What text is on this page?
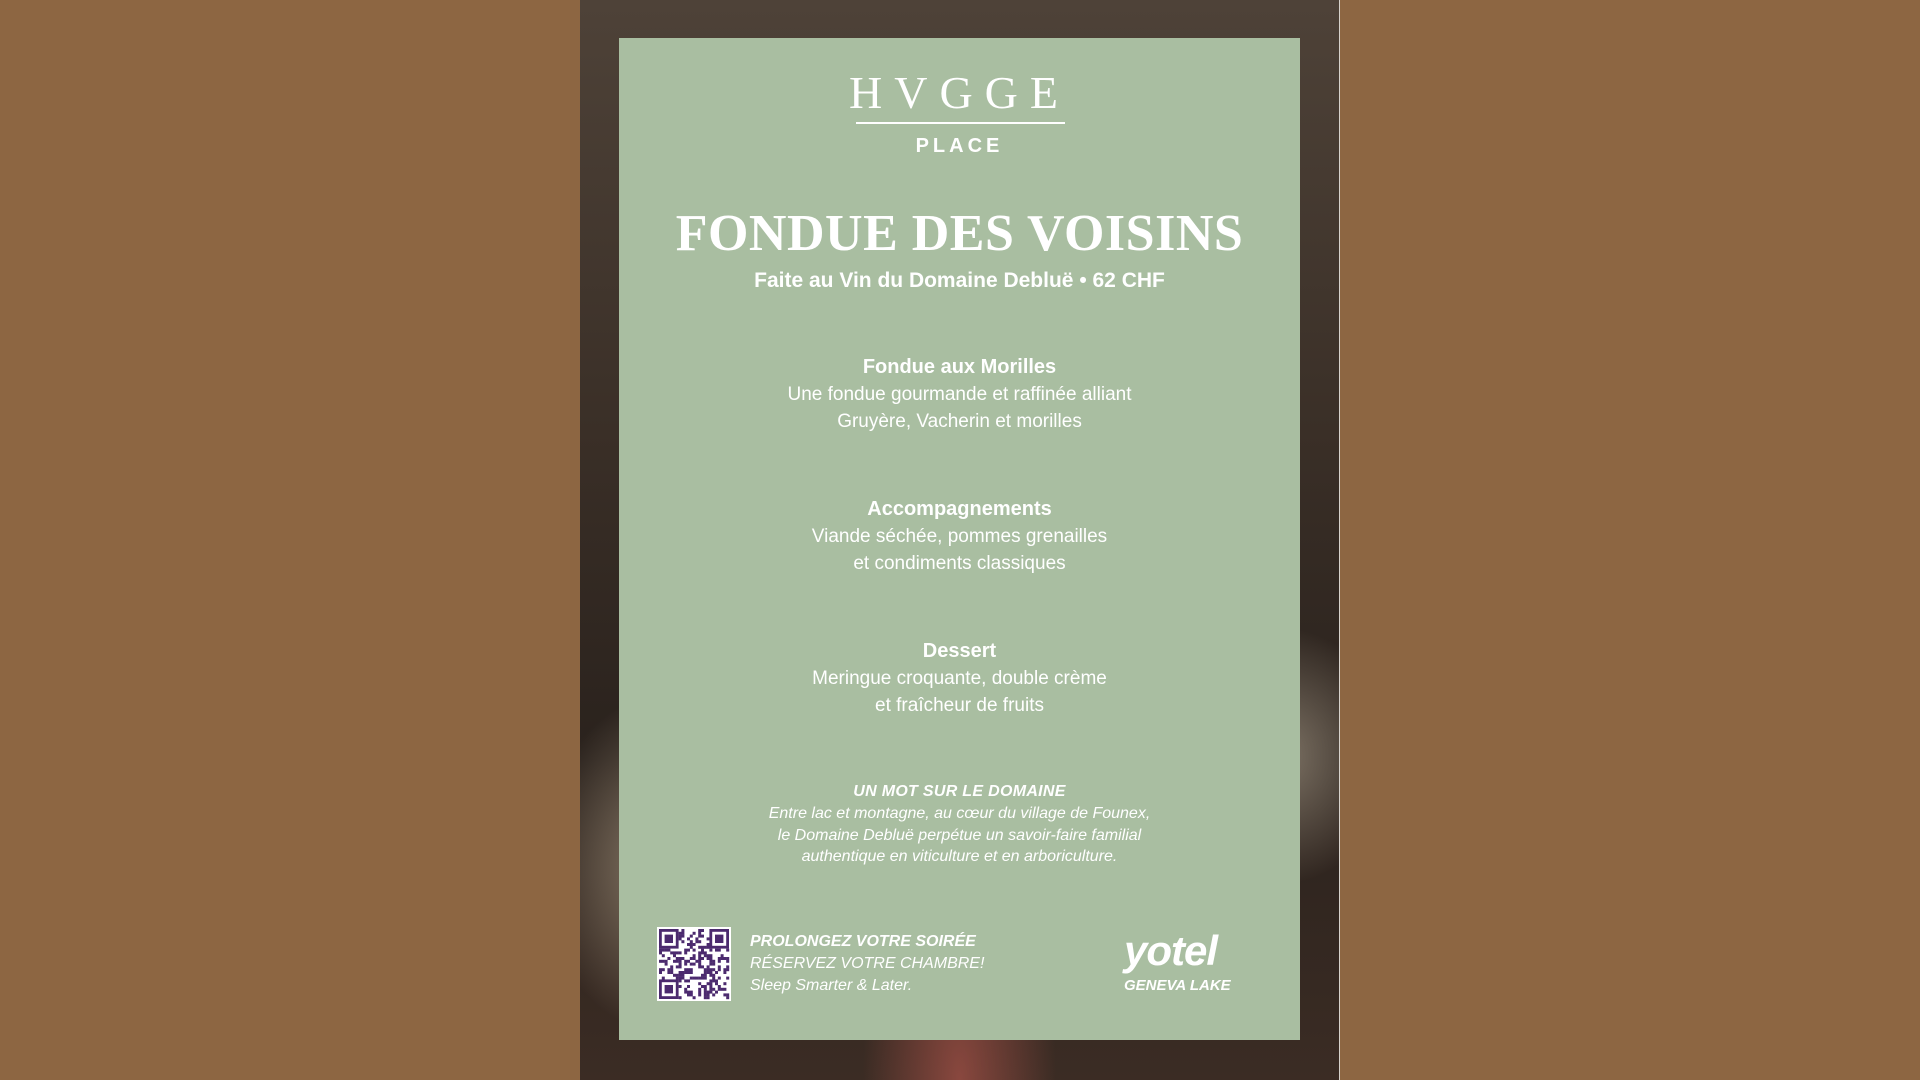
HVGGE
PLACE
FONDUE DES VOISINS
Faite au Vin du Domaine Debluë • 62 CHF
Fondue aux Morilles
Une fondue gourmande et raffinée alliant
Gruyère, Vacherin et morilles
Accompagnements
Viande séchée, pommes grenailles
et condiments classiques
Dessert
Meringue croquante, double crème
et fraîcheur de fruits
UN MOT SUR LE DOMAINE
Entre lac et montagne, au cœur du village de Founex,
le Domaine Debluë perpétue un savoir-faire familial
authentique en viticulture et en arboriculture.
PROLONGEZ VOTRE SOIRÉE
RÉSERVEZ VOTRE CHAMBRE!
Sleep Smarter & Later.
yotel
GENEVA LAKE
